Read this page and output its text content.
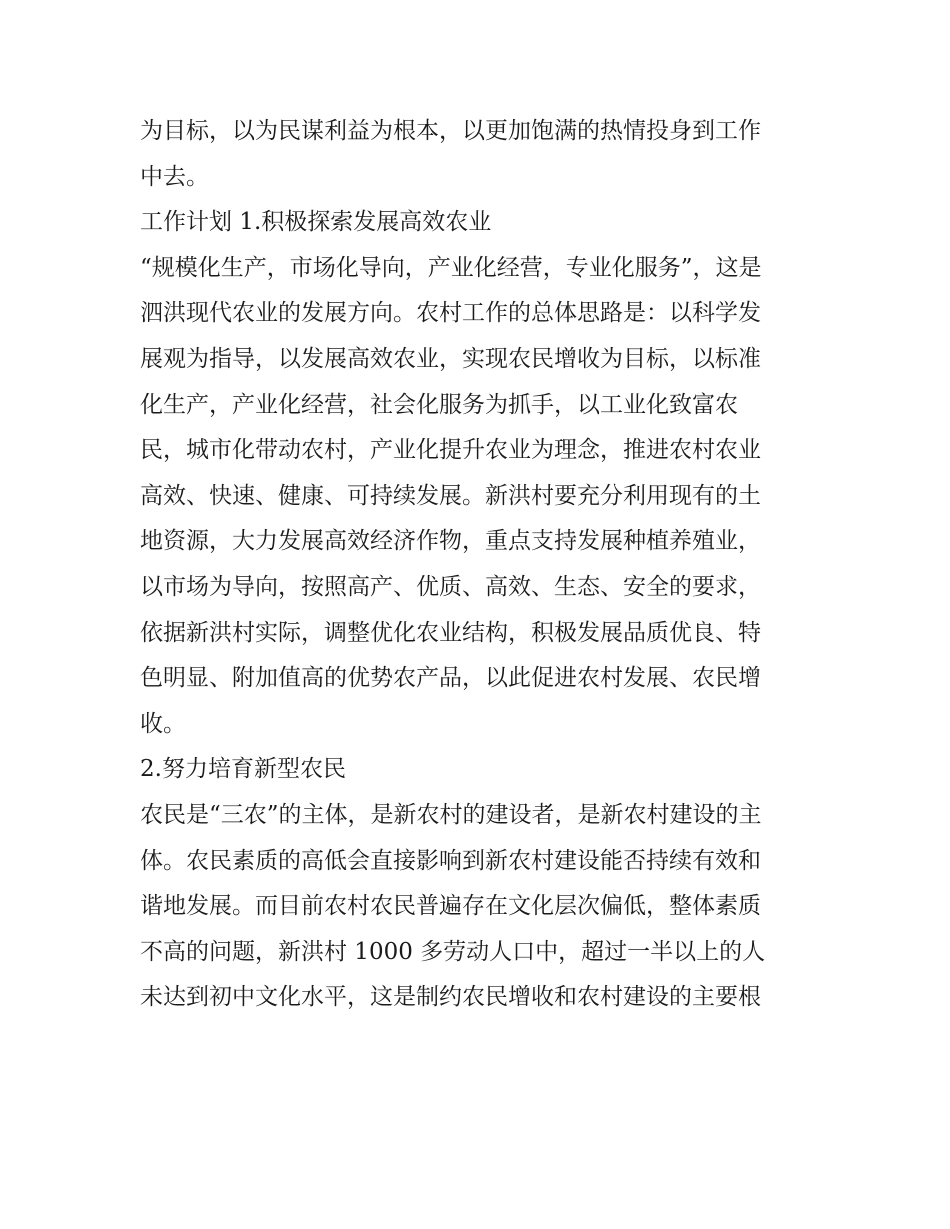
为目标，以为民谋利益为根本，以更加饱满的热情投身到工作
中去。
工作计划 1.积极探索发展高效农业
“规模化生产，市场化导向，产业化经营，专业化服务”，这是
泗洪现代农业的发展方向。农村工作的总体思路是：以科学发
展观为指导，以发展高效农业，实现农民增收为目标，以标准
化生产，产业化经营，社会化服务为抓手，以工业化致富农
民，城市化带动农村，产业化提升农业为理念，推进农村农业
高效、快速、健康、可持续发展。新洪村要充分利用现有的土
地资源，大力发展高效经济作物，重点支持发展种植养殖业，
以市场为导向，按照高产、优质、高效、生态、安全的要求，
依据新洪村实际，调整优化农业结构，积极发展品质优良、特
色明显、附加值高的优势农产品，以此促进农村发展、农民增
收。
2.努力培育新型农民
农民是“三农”的主体，是新农村的建设者，是新农村建设的主
体。农民素质的高低会直接影响到新农村建设能否持续有效和
谐地发展。而目前农村农民普遍存在文化层次偏低，整体素质
不高的问题，新洪村 1000 多劳动人口中，超过一半以上的人
未达到初中文化水平，这是制约农民增收和农村建设的主要根
